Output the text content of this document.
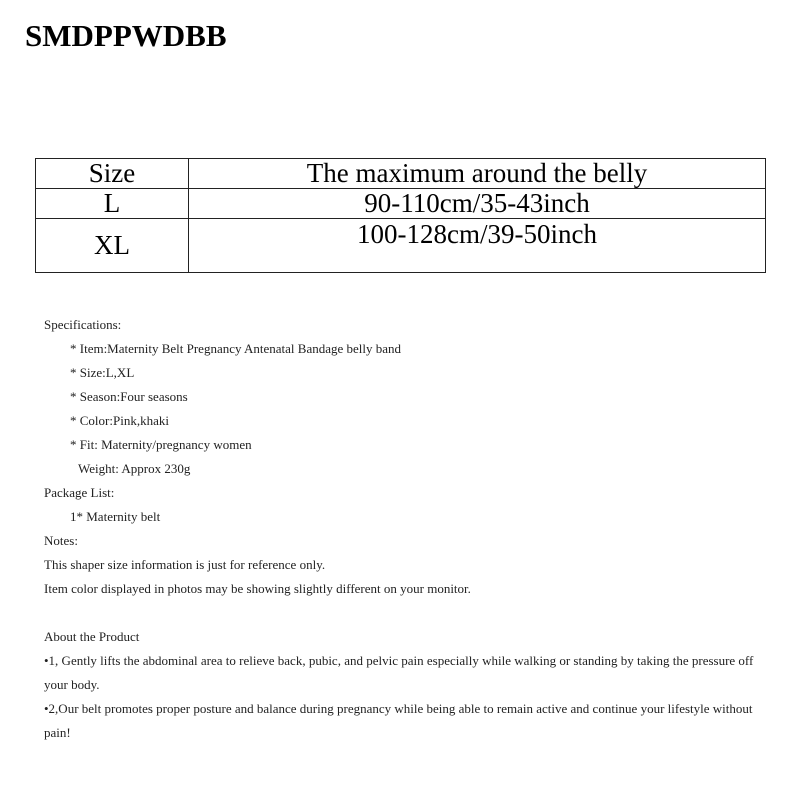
SMDPPWDBB
Size	The maximum around the belly
L	90-110cm/35-43inch
XL	100-128cm/39-50inch

Specifications:

* Item:Maternity Belt Pregnancy Antenatal Bandage belly band

* Size:L,XL

* Season:Four seasons

* Color:Pink,khaki

* Fit: Maternity/pregnancy women

Weight: Approx 230g

Package List:

1* Maternity belt

Notes:

This shaper size information is just for reference only.

Item color displayed in photos may be showing slightly different on your monitor.

About the Product

•1, Gently lifts the abdominal area to relieve back, pubic, and pelvic pain especially while walking or standing by taking the pressure off your body.

•2,Our belt promotes proper posture and balance during pregnancy while being able to remain active and continue your lifestyle without pain!
